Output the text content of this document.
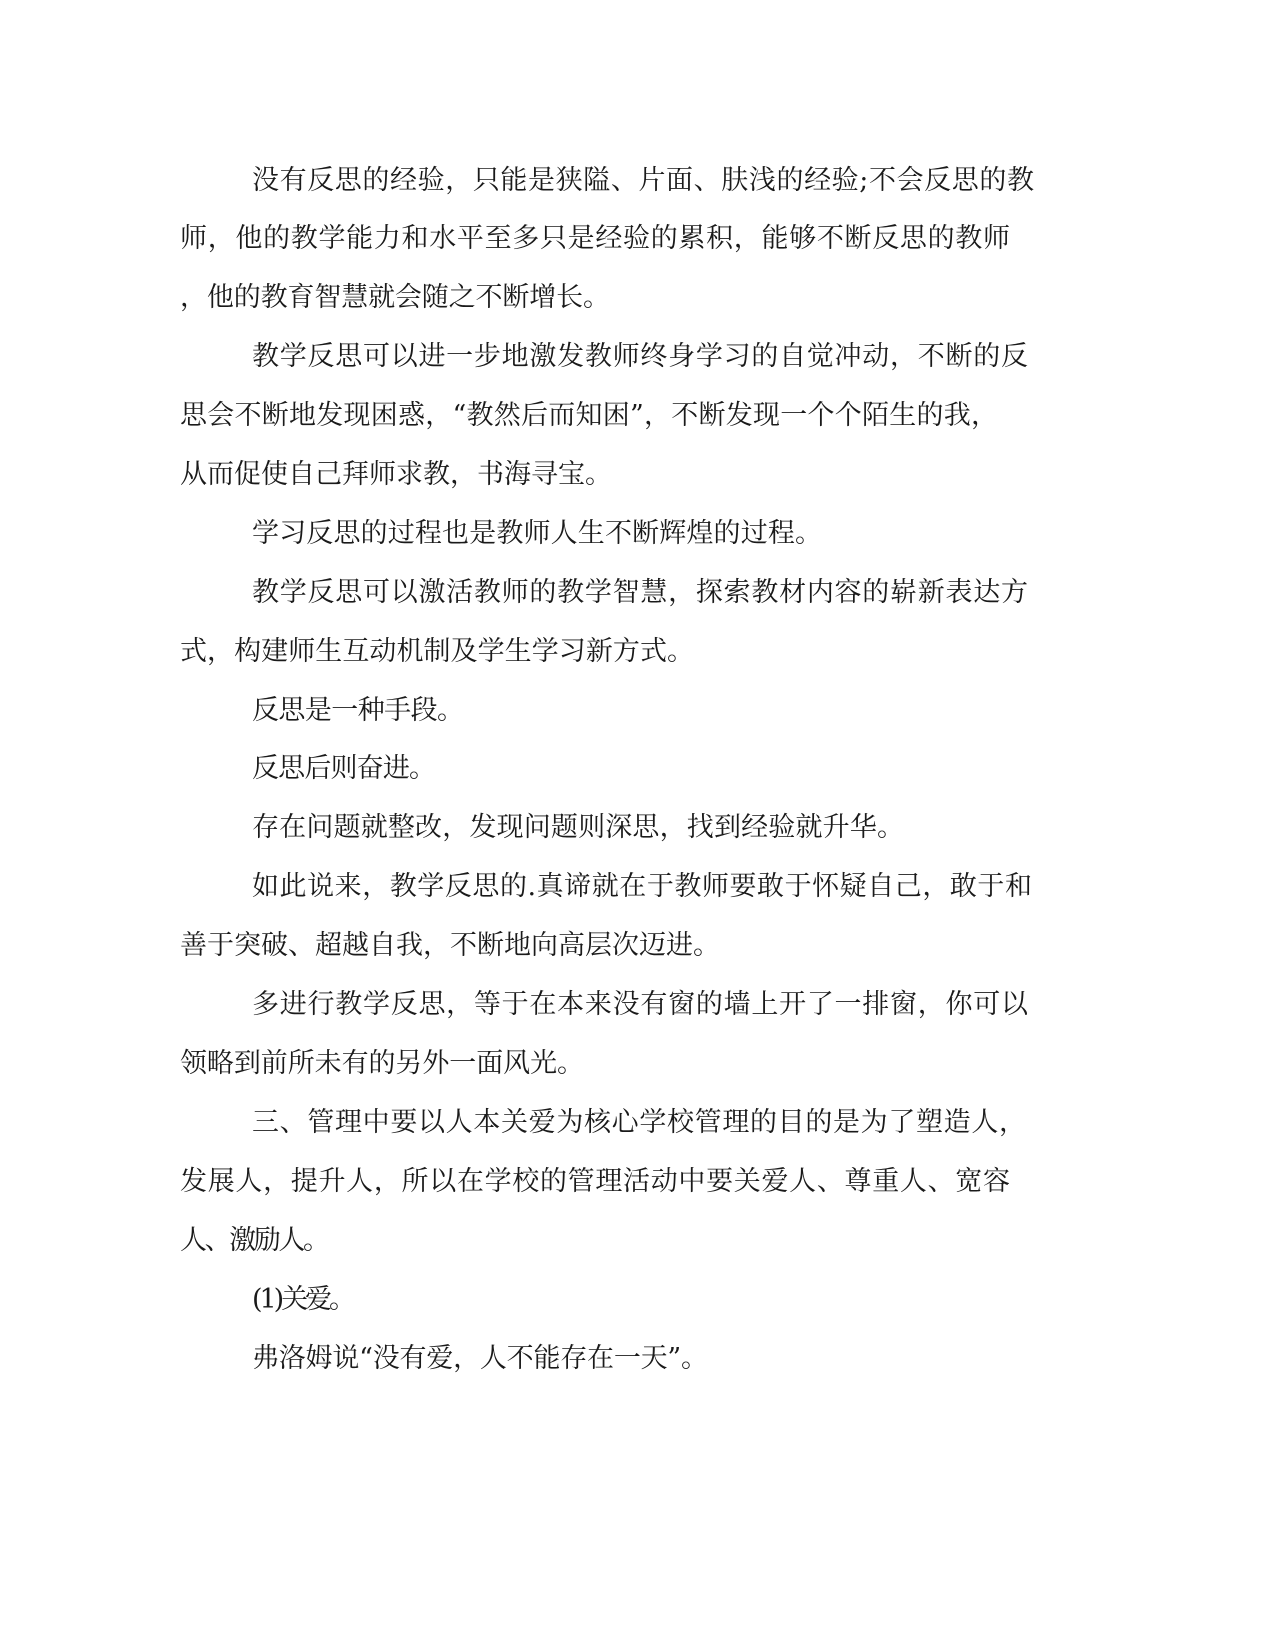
没有反思的经验，只能是狭隘、片面、肤浅的经验;不会反思的教

师，他的教学能力和水平至多只是经验的累积，能够不断反思的教师

，他的教育智慧就会随之不断增长。

教学反思可以进一步地激发教师终身学习的自觉冲动，不断的反

思会不断地发现困惑，“教然后而知困”，不断发现一个个陌生的我，

从而促使自己拜师求教，书海寻宝。

学习反思的过程也是教师人生不断辉煌的过程。

教学反思可以激活教师的教学智慧，探索教材内容的崭新表达方

式，构建师生互动机制及学生学习新方式。

反思是一种手段。

反思后则奋进。

存在问题就整改，发现问题则深思，找到经验就升华。

如此说来，教学反思的.真谛就在于教师要敢于怀疑自己，敢于和

善于突破、超越自我，不断地向高层次迈进。

多进行教学反思，等于在本来没有窗的墙上开了一排窗，你可以

领略到前所未有的另外一面风光。

三、管理中要以人本关爱为核心学校管理的目的是为了塑造人，

发展人，提升人，所以在学校的管理活动中要关爱人、尊重人、宽容

人、激励人。

(1)关爱。

弗洛姆说“没有爱，人不能存在一天”。
